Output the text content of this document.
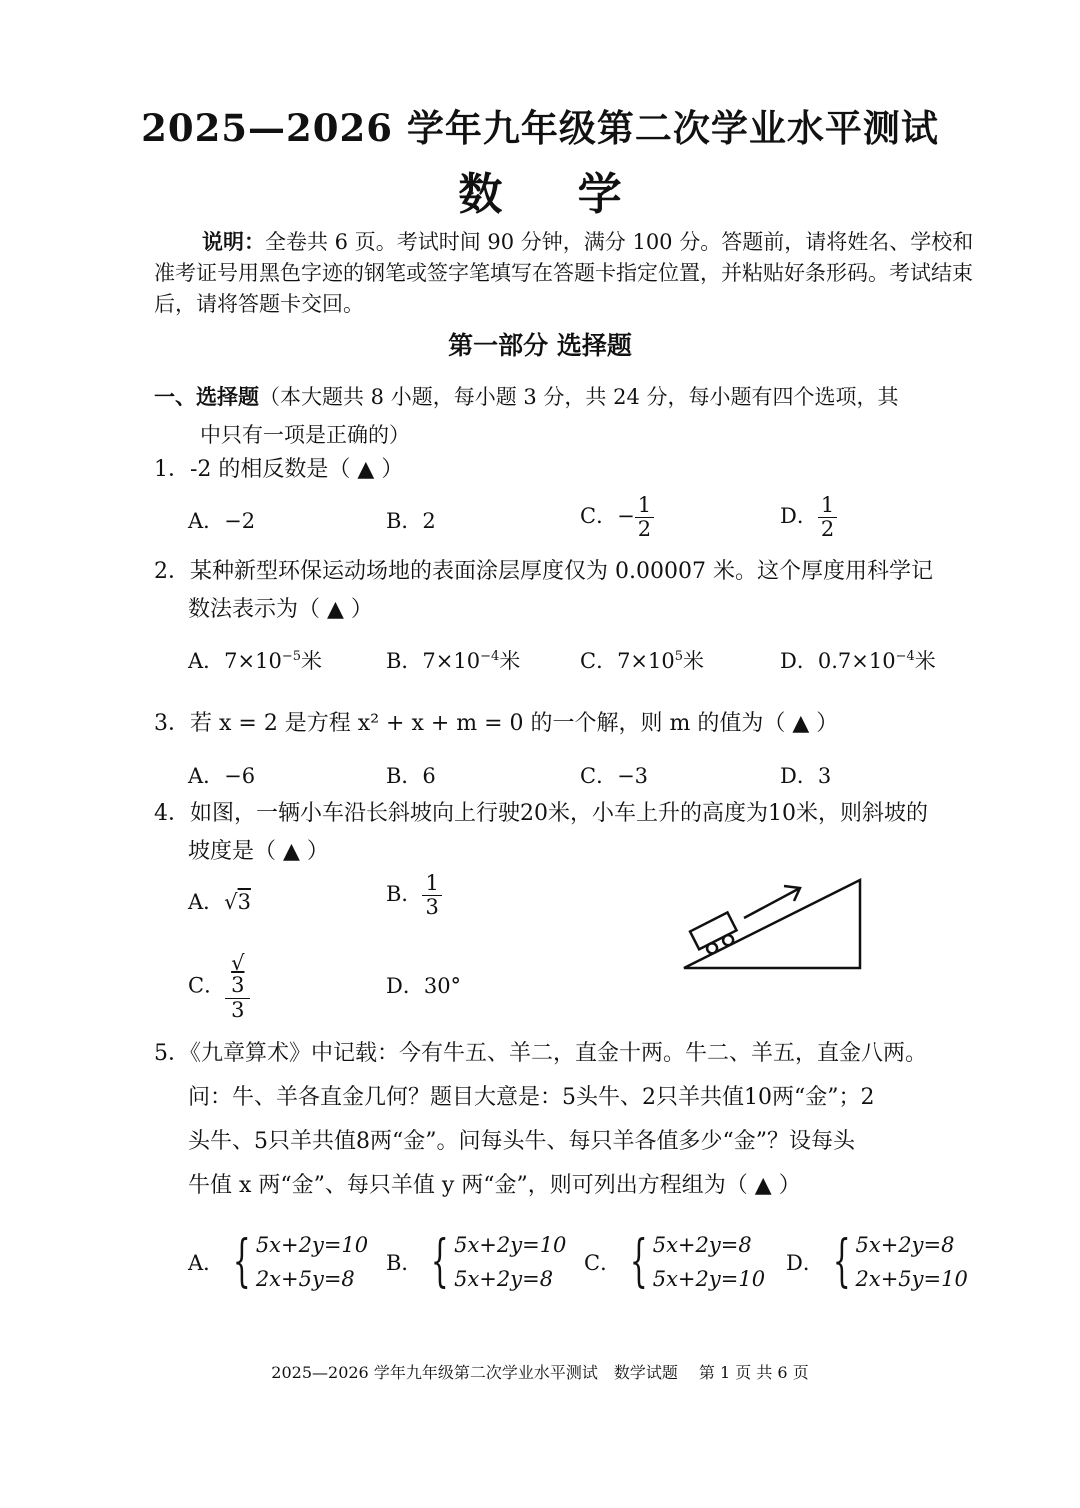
2025—2026 学年九年级第二次学业水平测试
数 学
说明：全卷共 6 页。考试时间 90 分钟，满分 100 分。答题前，请将姓名、学校和准考证号用黑色字迹的钢笔或签字笔填写在答题卡指定位置，并粘贴好条形码。考试结束后，请将答题卡交回。
第一部分 选择题
一、选择题（本大题共 8 小题，每小题 3 分，共 24 分，每小题有四个选项，其
中只有一项是正确的）
1．-2 的相反数是（ ▲ ）
A．−2	B．2	C．− $\frac{1}{2}$	D． $\frac{1}{2}$
2．某种新型环保运动场地的表面涂层厚度仅为 0.00007 米。这个厚度用科学记
数法表示为（ ▲ ）
A．$7\times 10^{-5}$米	B．$7\times 10^{-4}$米	C．$7\times 10^5$米	D．$0.7\times 10^{-4}$米
3．若 x = 2 是方程 x² + x + m = 0 的一个解，则 m 的值为（ ▲ ）
A．−6	B．6	C．−3	D．3
4．如图，一辆小车沿长斜坡向上行驶20米，小车上升的高度为10米，则斜坡的
坡度是（ ▲ ）
A．√3	B． $\frac{1}{3}$
C． √
3
3	D．30°
5．《九章算术》中记载：今有牛五、羊二，直金十两。牛二、羊五，直金八两。
问：牛、羊各直金几何？题目大意是：5头牛、2只羊共值10两“金”；2
头牛、5只羊共值8两“金”。问每头牛、每只羊各值多少“金”？设每头
牛值 x 两“金”、每只羊值 y 两“金”，则可列出方程组为（ ▲ ）
A． { 5x+2y=10
2x+5y=8
B． { 5x+2y=10
5x+2y=8
C． { 5x+2y=8
5x+2y=10
D． { 5x+2y=8
2x+5y=10
2025—2026 学年九年级第二次学业水平测试　数学试题　 第 1 页 共 6 页
